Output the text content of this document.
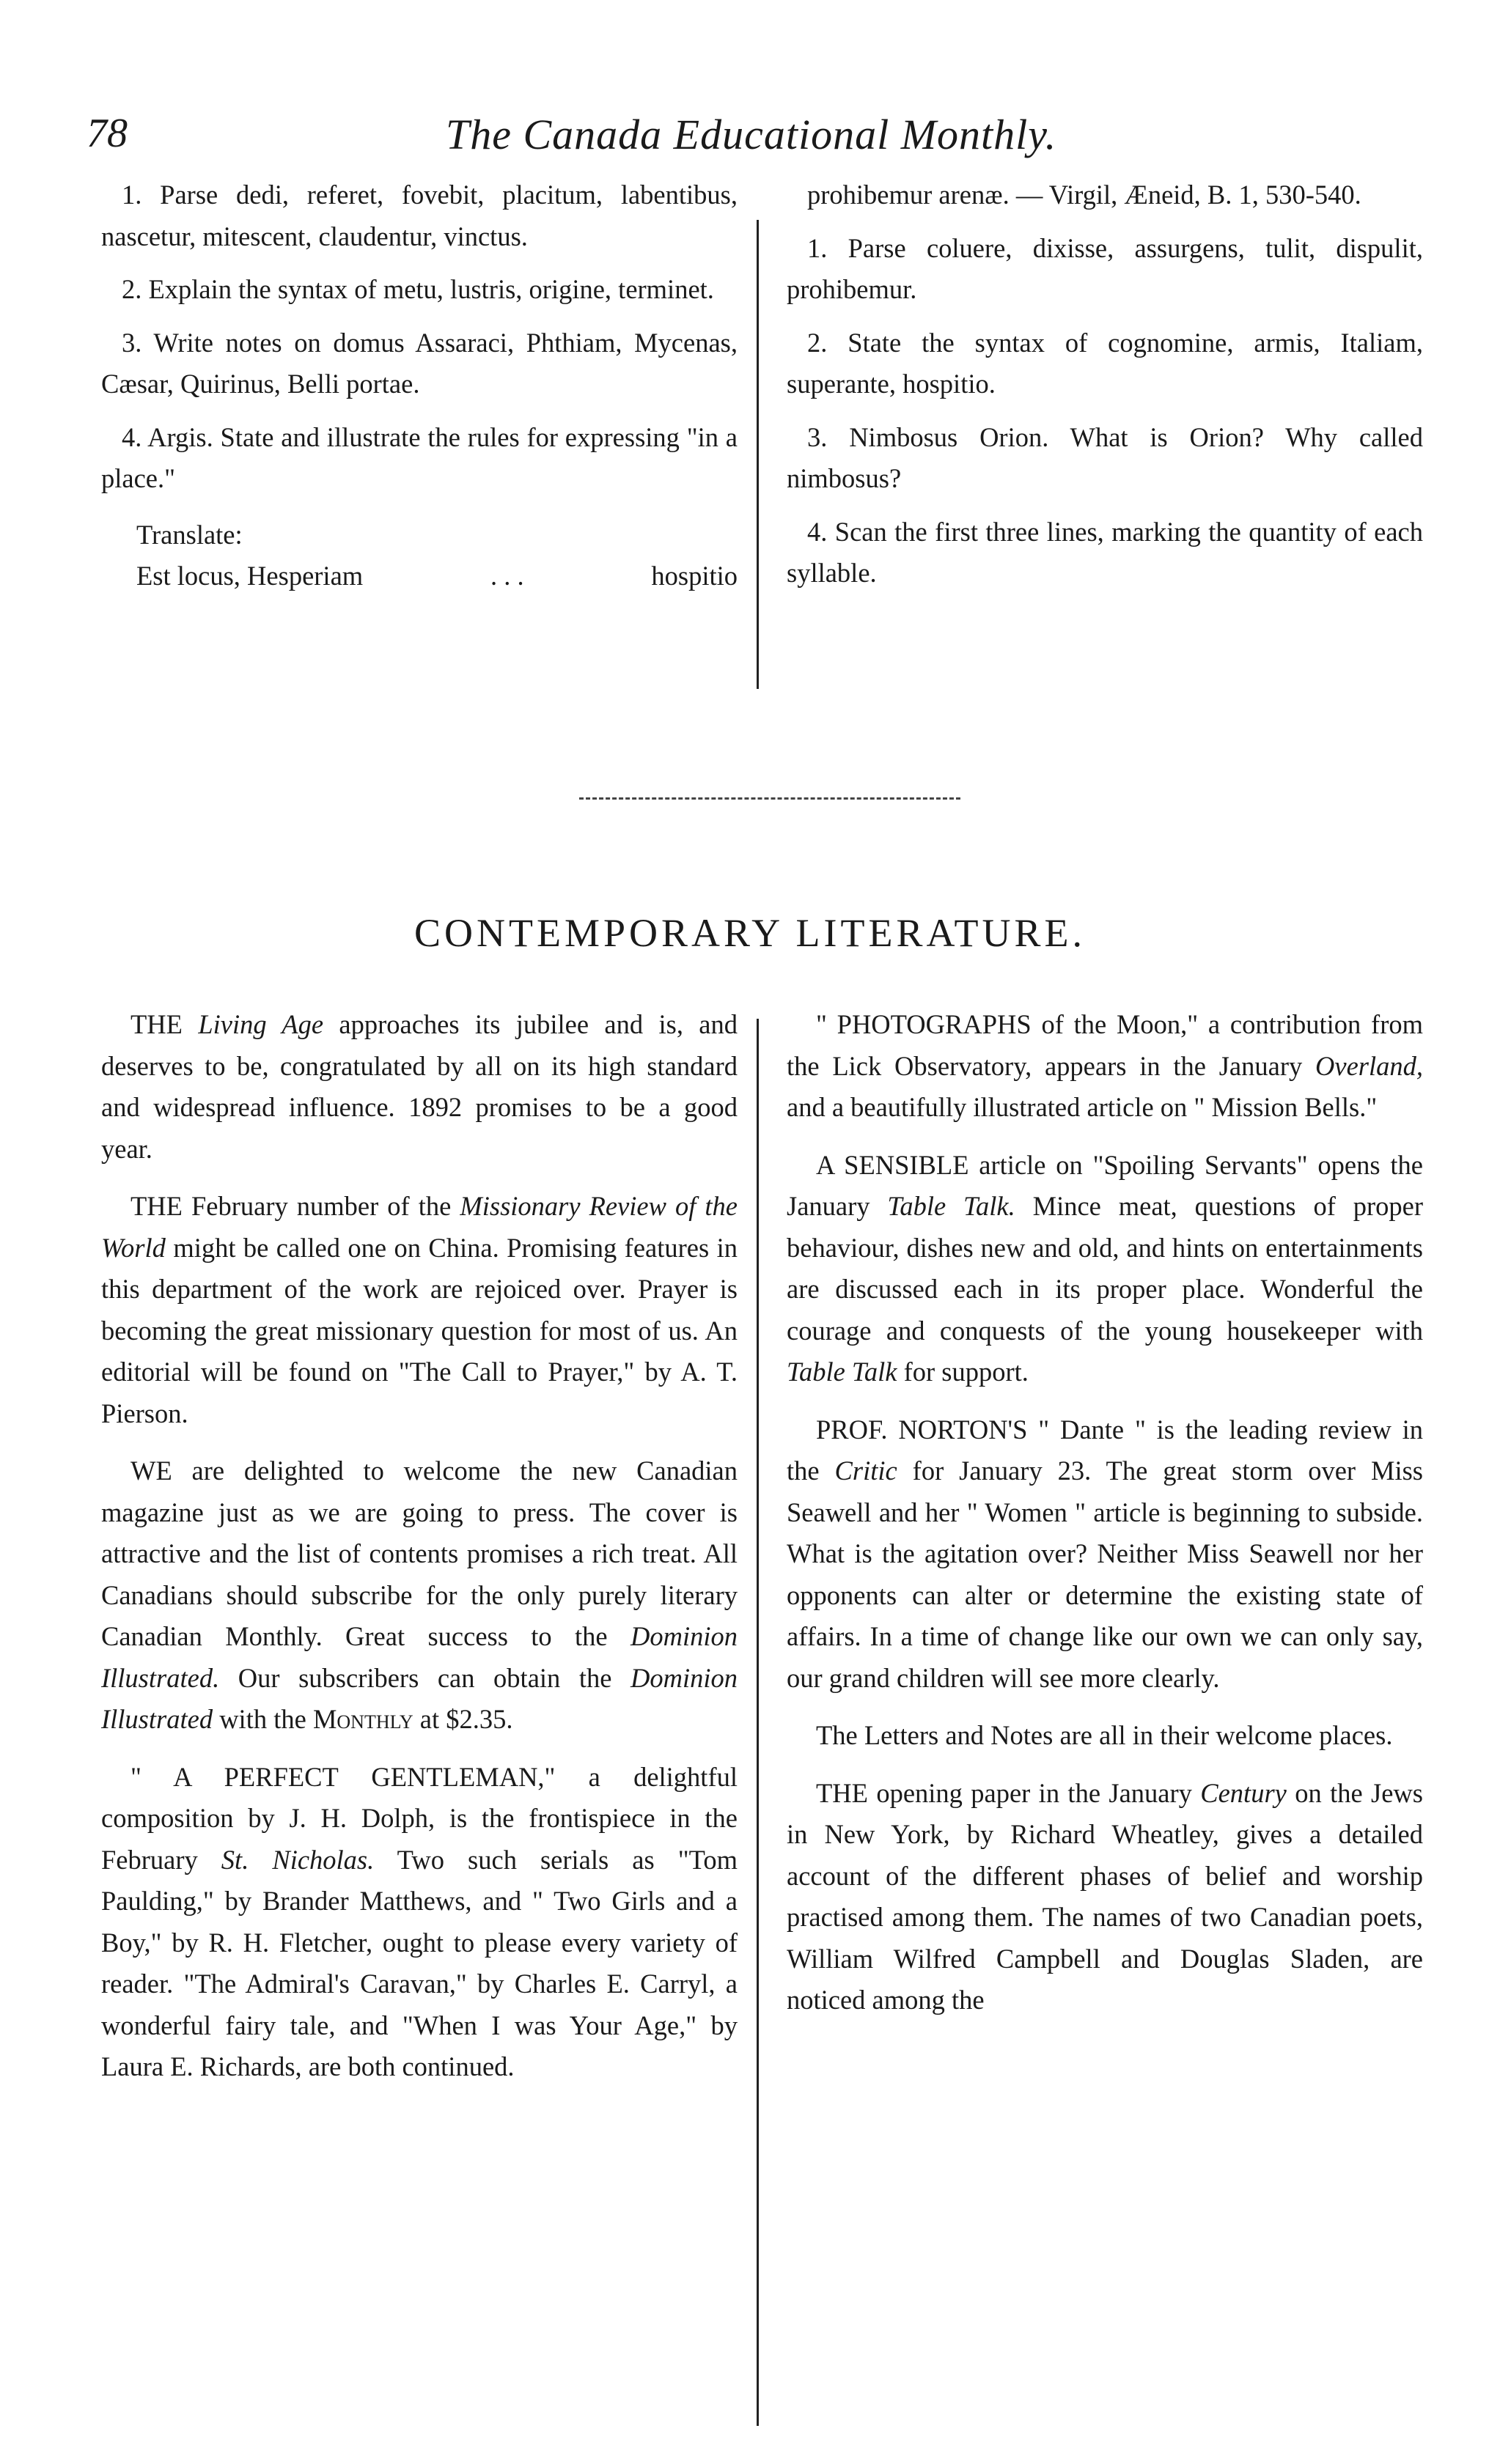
78	The Canada Educational Monthly.

1. Parse dedi, referet, fovebit, placitum, labentibus, nascetur, mitescent, claudentur, vinctus.

2. Explain the syntax of metu, lustris, origine, terminet.

3. Write notes on domus Assaraci, Phthiam, Mycenas, Cæsar, Quirinus, Belli portae.

4. Argis. State and illustrate the rules for expressing "in a place."

Translate:

Est locus, Hesperiam	. . .	hospitio

prohibemur arenæ. — Virgil, Æneid, B. 1, 530-540.

1. Parse coluere, dixisse, assurgens, tulit, dispulit, prohibemur.

2. State the syntax of cognomine, armis, Italiam, superante, hospitio.

3. Nimbosus Orion. What is Orion? Why called nimbosus?

4. Scan the first three lines, marking the quantity of each syllable.

CONTEMPORARY LITERATURE.

THE Living Age approaches its jubilee and is, and deserves to be, congratulated by all on its high standard and widespread influence. 1892 promises to be a good year.

THE February number of the Missionary Review of the World might be called one on China. Promising features in this department of the work are rejoiced over. Prayer is becoming the great missionary question for most of us. An editorial will be found on "The Call to Prayer," by A. T. Pierson.

WE are delighted to welcome the new Canadian magazine just as we are going to press. The cover is attractive and the list of contents promises a rich treat. All Canadians should subscribe for the only purely literary Canadian Monthly. Great success to the Dominion Illustrated. Our subscribers can obtain the Dominion Illustrated with the Monthly at $2.35.

" A PERFECT GENTLEMAN," a delightful composition by J. H. Dolph, is the frontispiece in the February St. Nicholas. Two such serials as "Tom Paulding," by Brander Matthews, and " Two Girls and a Boy," by R. H. Fletcher, ought to please every variety of reader. "The Admiral's Caravan," by Charles E. Carryl, a wonderful fairy tale, and "When I was Your Age," by Laura E. Richards, are both continued.

" PHOTOGRAPHS of the Moon," a contribution from the Lick Observatory, appears in the January Overland, and a beautifully illustrated article on " Mission Bells."

A SENSIBLE article on "Spoiling Servants" opens the January Table Talk. Mince meat, questions of proper behaviour, dishes new and old, and hints on entertainments are discussed each in its proper place. Wonderful the courage and conquests of the young housekeeper with Table Talk for support.

PROF. NORTON'S " Dante " is the leading review in the Critic for January 23. The great storm over Miss Seawell and her " Women " article is beginning to subside. What is the agitation over? Neither Miss Seawell nor her opponents can alter or determine the existing state of affairs. In a time of change like our own we can only say, our grand children will see more clearly.

The Letters and Notes are all in their welcome places.

THE opening paper in the January Century on the Jews in New York, by Richard Wheatley, gives a detailed account of the different phases of belief and worship practised among them. The names of two Canadian poets, William Wilfred Campbell and Douglas Sladen, are noticed among the
